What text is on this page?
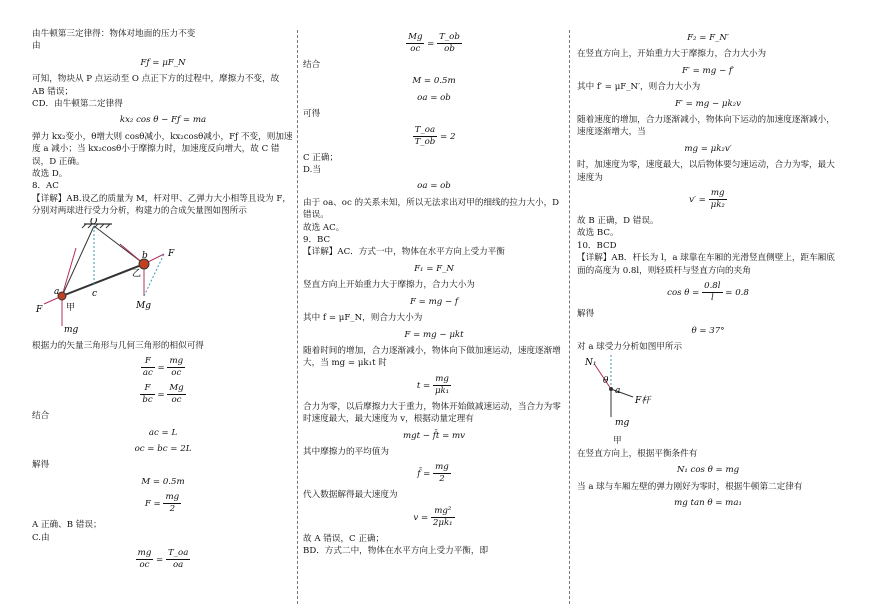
由牛顿第三定律得：物体对地面的压力不变

由

Fƒ = μF_N

可知，物块从 P 点运动至 O 点正下方的过程中，摩擦力不变，故 AB 错误；

CD．由牛顿第二定律得

kx₂ cos θ − Fƒ = ma

弹力 kx₂变小，θ增大则 cosθ减小，kx₂cosθ减小，Fƒ 不变，则加速度 a 减小；当 kx₂cosθ小于摩擦力时，加速度反向增大，故 C 错误，D 正确。

故选 D。

8．AC

【详解】AB.设乙的质量为 M，杆对甲、乙弹力大小相等且设为 F，分别对两球进行受力分析，构建力的合成矢量图如图所示

O
a
b
c
F
F
mg
Mg
甲
乙

根据力的矢量三角形与几何三角形的相似可得

$\frac{F}{ac} = \frac{mg}{oc}$

$\frac{F}{bc} = \frac{Mg}{oc}$

结合

ac = L

oc = bc = 2L

解得

M = 0.5m

$F = \frac{mg}{2}$

A 正确、B 错误；

C.由

$\frac{mg}{oc} = \frac{T\_oa}{oa}$

$\frac{Mg}{oc} = \frac{T\_ob}{ob}$

结合

M = 0.5m

oa = ob

可得

$\frac{T\_oa}{T\_ob} = 2$

C 正确；

D.当

oa = ob

由于 oa、oc 的关系未知，所以无法求出对甲的细线的拉力大小，D 错误。

故选 AC。

9．BC

【详解】AC．方式一中，物体在水平方向上受力平衡

F₁ = F_N

竖直方向上开始重力大于摩擦力，合力大小为

F = mg − f

其中 f = μF_N，则合力大小为

F = mg − μkt

随着时间的增加，合力逐渐减小，物体向下做加速运动，速度逐渐增大，当 mg = μk₁t 时

$t = \frac{mg}{\text{μk₁}}$

合力为零，以后摩擦力大于重力，物体开始做减速运动，当合力为零时速度最大，最大速度为 v，根据动量定理有

mgt − f̄t = mv

其中摩擦力的平均值为

f̄ = $\frac{mg}{2}$

代入数据解得最大速度为

$v = \frac{\text{mg²}}{\text{2μk₁}}$

故 A 错误，C 正确；

BD．方式二中，物体在水平方向上受力平衡，即

F₂ = F_N′

在竖直方向上，开始重力大于摩擦力，合力大小为

F′ = mg − f′

其中 f′ = μF_N′，则合力大小为

F′ = mg − μk₂v

随着速度的增加，合力逐渐减小，物体向下运动的加速度逐渐减小，速度逐渐增大，当

mg = μk₂v′

时，加速度为零，速度最大，以后物体要匀速运动，合力为零，最大速度为

$v' = \frac{mg}{\text{μk₂}}$

故 B 正确，D 错误。

故选 BC。

10．BCD

【详解】AB．杆长为 l，a 球靠在车厢的光滑竖直侧壁上，距车厢底面的高度为 0.8l，则轻质杆与竖直方向的夹角

$\cos \theta = \frac{0.8l}{l} = 0.8$

解得

θ = 37°

对 a 球受力分析如图甲所示

N₁
θ
a
F杆
mg

甲

在竖直方向上，根据平衡条件有

N₁ cos θ = mg

当 a 球与车厢左壁的弹力刚好为零时，根据牛顿第二定律有

mg tan θ = ma₁
